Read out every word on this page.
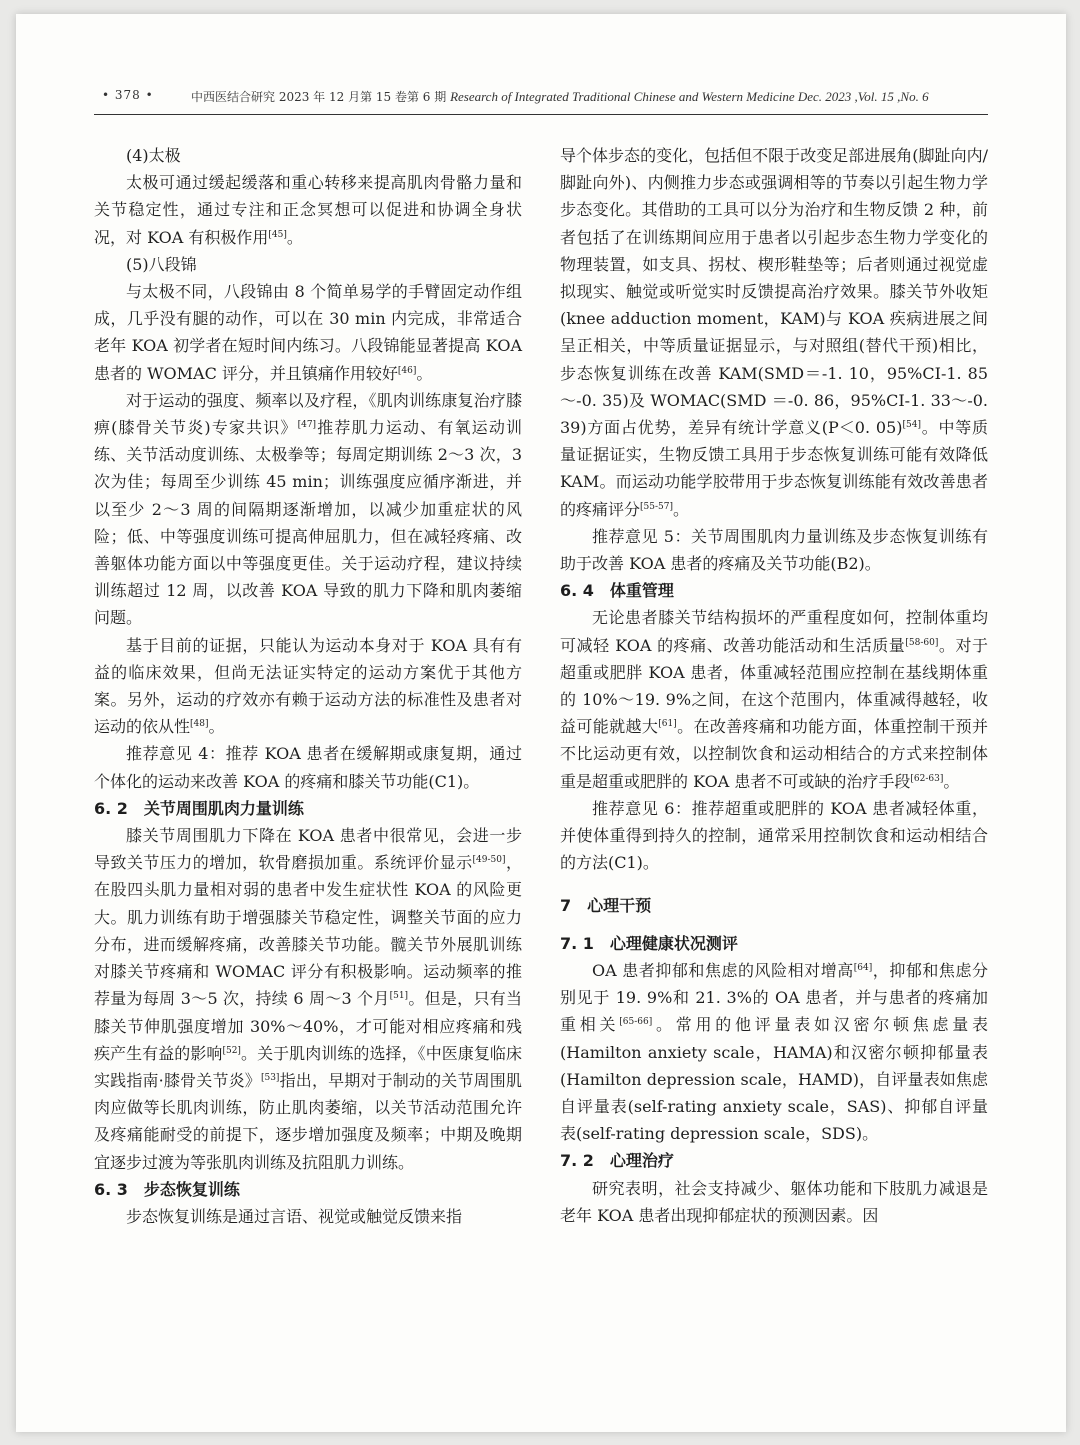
• 378 •	中西医结合研究 2023 年 12 月第 15 卷第 6 期 Research of Integrated Traditional Chinese and Western Medicine Dec. 2023 ,Vol. 15 ,No. 6

(4)太极

太极可通过缓起缓落和重心转移来提高肌肉骨骼力量和关节稳定性，通过专注和正念冥想可以促进和协调全身状况，对 KOA 有积极作用[45]。

(5)八段锦

与太极不同，八段锦由 8 个简单易学的手臂固定动作组成，几乎没有腿的动作，可以在 30 min 内完成，非常适合老年 KOA 初学者在短时间内练习。八段锦能显著提高 KOA 患者的 WOMAC 评分，并且镇痛作用较好[46]。

对于运动的强度、频率以及疗程，《肌肉训练康复治疗膝痹(膝骨关节炎)专家共识》[47]推荐肌力运动、有氧运动训练、关节活动度训练、太极拳等；每周定期训练 2～3 次，3 次为佳；每周至少训练 45 min；训练强度应循序渐进，并以至少 2～3 周的间隔期逐渐增加，以减少加重症状的风险；低、中等强度训练可提高伸屈肌力，但在减轻疼痛、改善躯体功能方面以中等强度更佳。关于运动疗程，建议持续训练超过 12 周，以改善 KOA 导致的肌力下降和肌肉萎缩问题。

基于目前的证据，只能认为运动本身对于 KOA 具有有益的临床效果，但尚无法证实特定的运动方案优于其他方案。另外，运动的疗效亦有赖于运动方法的标准性及患者对运动的依从性[48]。

推荐意见 4：推荐 KOA 患者在缓解期或康复期，通过个体化的运动来改善 KOA 的疼痛和膝关节功能(C1)。

6. 2　关节周围肌肉力量训练

膝关节周围肌力下降在 KOA 患者中很常见，会进一步导致关节压力的增加，软骨磨损加重。系统评价显示[49-50]，在股四头肌力量相对弱的患者中发生症状性 KOA 的风险更大。肌力训练有助于增强膝关节稳定性，调整关节面的应力分布，进而缓解疼痛，改善膝关节功能。髋关节外展肌训练对膝关节疼痛和 WOMAC 评分有积极影响。运动频率的推荐量为每周 3～5 次，持续 6 周～3 个月[51]。但是，只有当膝关节伸肌强度增加 30%～40%，才可能对相应疼痛和残疾产生有益的影响[52]。关于肌肉训练的选择，《中医康复临床实践指南·膝骨关节炎》[53]指出，早期对于制动的关节周围肌肉应做等长肌肉训练，防止肌肉萎缩，以关节活动范围允许及疼痛能耐受的前提下，逐步增加强度及频率；中期及晚期宜逐步过渡为等张肌肉训练及抗阻肌力训练。

6. 3　步态恢复训练

步态恢复训练是通过言语、视觉或触觉反馈来指

导个体步态的变化，包括但不限于改变足部进展角(脚趾向内/脚趾向外)、内侧推力步态或强调相等的节奏以引起生物力学步态变化。其借助的工具可以分为治疗和生物反馈 2 种，前者包括了在训练期间应用于患者以引起步态生物力学变化的物理装置，如支具、拐杖、楔形鞋垫等；后者则通过视觉虚拟现实、触觉或听觉实时反馈提高治疗效果。膝关节外收矩(knee adduction moment，KAM)与 KOA 疾病进展之间呈正相关，中等质量证据显示，与对照组(替代干预)相比，步态恢复训练在改善 KAM(SMD＝-1. 10，95%CI-1. 85 ～-0. 35)及 WOMAC(SMD ＝-0. 86，95%CI-1. 33～-0. 39)方面占优势，差异有统计学意义(P＜0. 05)[54]。中等质量证据证实，生物反馈工具用于步态恢复训练可能有效降低 KAM。而运动功能学胶带用于步态恢复训练能有效改善患者的疼痛评分[55-57]。

推荐意见 5：关节周围肌肉力量训练及步态恢复训练有助于改善 KOA 患者的疼痛及关节功能(B2)。

6. 4　体重管理

无论患者膝关节结构损坏的严重程度如何，控制体重均可减轻 KOA 的疼痛、改善功能活动和生活质量[58-60]。对于超重或肥胖 KOA 患者，体重减轻范围应控制在基线期体重的 10%～19. 9%之间，在这个范围内，体重减得越轻，收益可能就越大[61]。在改善疼痛和功能方面，体重控制干预并不比运动更有效，以控制饮食和运动相结合的方式来控制体重是超重或肥胖的 KOA 患者不可或缺的治疗手段[62-63]。

推荐意见 6：推荐超重或肥胖的 KOA 患者减轻体重，并使体重得到持久的控制，通常采用控制饮食和运动相结合的方法(C1)。

7　心理干预
7. 1　心理健康状况测评

OA 患者抑郁和焦虑的风险相对增高[64]，抑郁和焦虑分别见于 19. 9%和 21. 3%的 OA 患者，并与患者的疼痛加重相关[65-66]。常用的他评量表如汉密尔顿焦虑量表(Hamilton anxiety scale，HAMA)和汉密尔顿抑郁量表(Hamilton depression scale，HAMD)，自评量表如焦虑自评量表(self-rating anxiety scale，SAS)、抑郁自评量表(self-rating depression scale，SDS)。

7. 2　心理治疗

研究表明，社会支持减少、躯体功能和下肢肌力减退是老年 KOA 患者出现抑郁症状的预测因素。因
